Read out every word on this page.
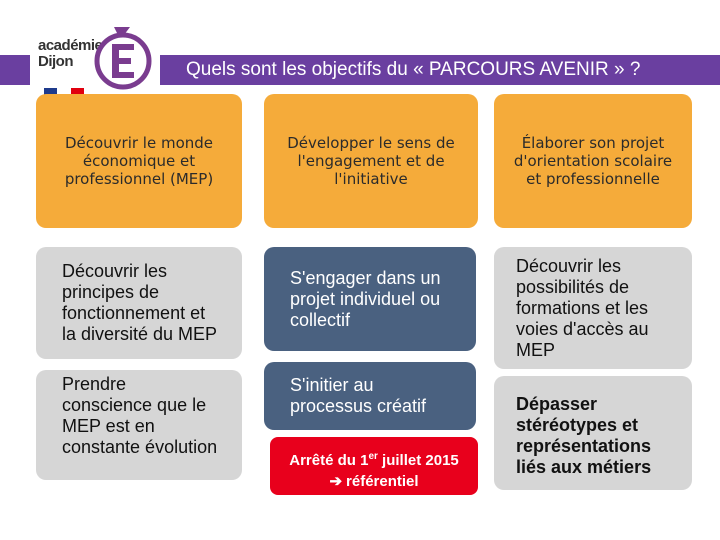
Quels sont les objectifs du « PARCOURS AVENIR » ?
académie
Dijon
Découvrir le monde économique et professionnel (MEP)
Découvrir les principes de fonctionnement et la diversité du MEP
Prendre conscience que le MEP est en constante évolution
Développer le sens de l'engagement et de l'initiative
S'engager dans un projet individuel ou collectif
S'initier au processus créatif
Élaborer son projet d'orientation scolaire et professionnelle
Découvrir les possibilités de formations et les voies d'accès au MEP
Dépasser stéréotypes et représentations liés aux métiers
Arrêté du 1er juillet 2015
➔ référentiel
